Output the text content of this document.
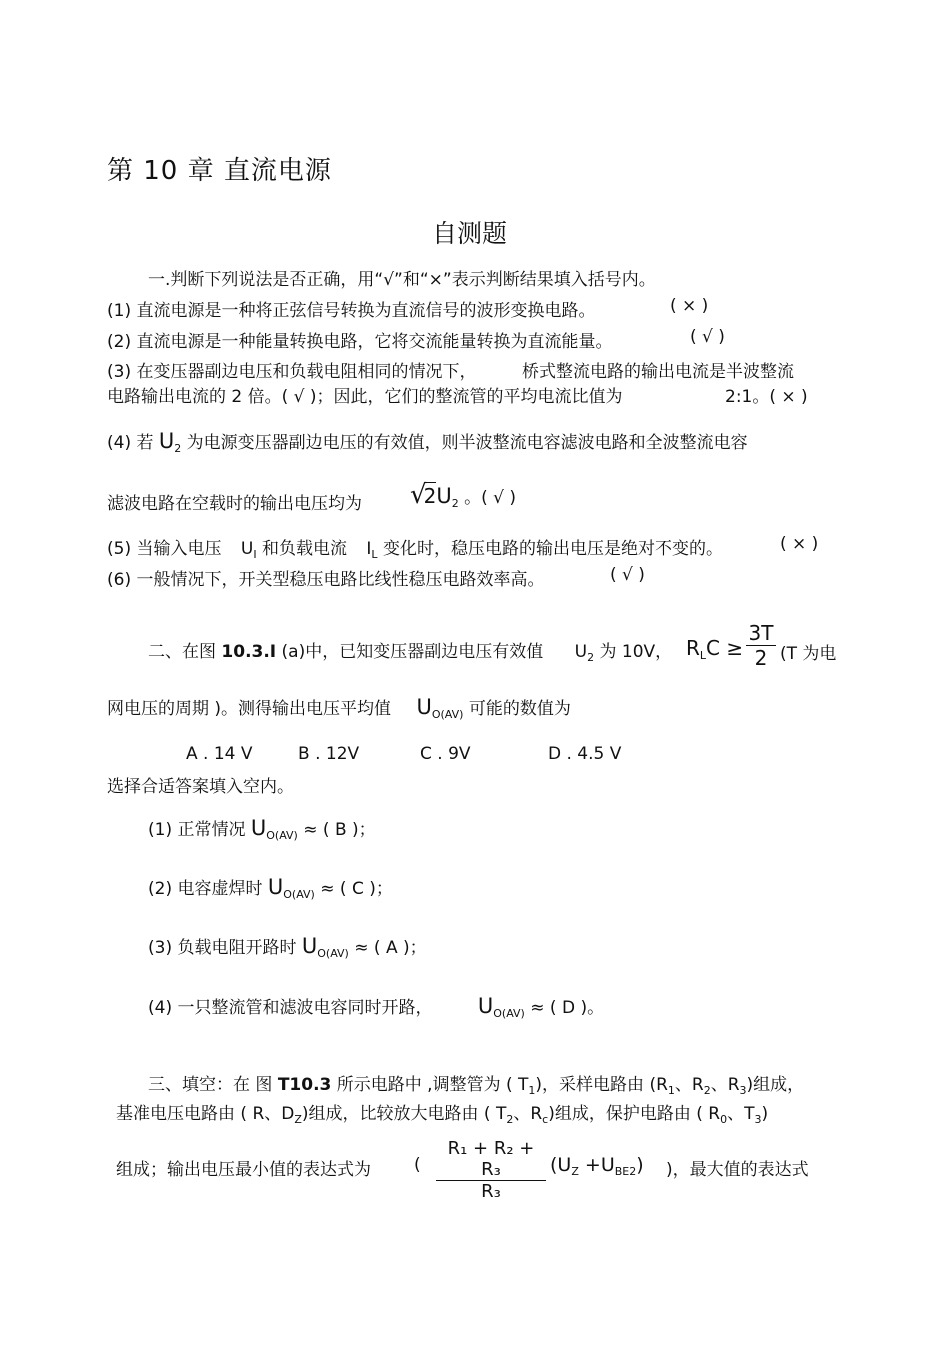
第 10 章 直流电源
自测题
一.判断下列说法是否正确，用“√”和“×”表示判断结果填入括号内。
(1) 直流电源是一种将正弦信号转换为直流信号的波形变换电路。	( × )
(2) 直流电源是一种能量转换电路，它将交流能量转换为直流能量。	( √ )
(3) 在变压器副边电压和负载电阻相同的情况下，	桥式整流电路的输出电流是半波整流
电路输出电流的 2 倍。( √ )；因此，它们的整流管的平均电流比值为	2:1。( × )
(4) 若 $U_2$ 为电源变压器副边电压的有效值，则半波整流电容滤波电路和全波整流电容
滤波电路在空载时的输出电压均为 $√2U_2$ 。( √ )
(5) 当输入电压 $U_I$ 和负载电流 $I_L$ 变化时，稳压电路的输出电压是绝对不变的。	( × )
(6) 一般情况下，开关型稳压电路比线性稳压电路效率高。	( √ )
二、在图 10.3.I (a)中，已知变压器副边电压有效值 $U_2$ 为 10V， $R_LC$ ≥
3T
2 (T 为电
网电压的周期 )。测得输出电压平均值 $U_{O(AV)}$ 可能的数值为
A . 14 V	B . 12V	C . 9V	D . 4.5 V
选择合适答案填入空内。
(1) 正常情况 $U_{O(AV)}$ ≈ ( B )；
(2) 电容虚焊时 $U_{O(AV)}$ ≈ ( C )；
(3) 负载电阻开路时 $U_{O(AV)}$ ≈ ( A )；
(4) 一只整流管和滤波电容同时开路， $U_{O(AV)}$ ≈ ( D )。
三、填空：在 图 T10.3 所示电路中 ,调整管为 ( $T_1$)，采样电路由 ($R_1$、$R_2$、$R_3$)组成，
基准电压电路由 ( R、$D_Z$)组成，比较放大电路由 ( $T_2$、$R_c$)组成，保护电路由 ( $R_0$、$T_3$)
组成；输出电压最小值的表达式为	(
R₁ + R₂ + R₃
R₃
$(U_Z +U_{BE2})$ )，最大值的表达式
